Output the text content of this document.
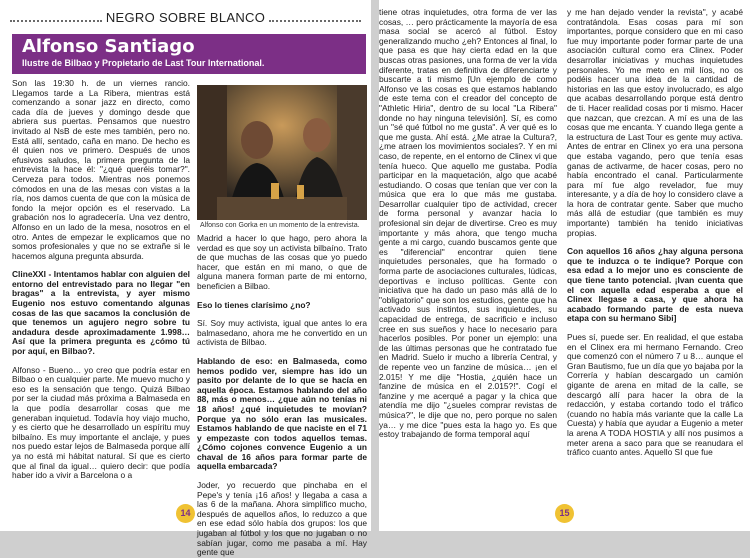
NEGRO SOBRE BLANCO
Alfonso Santiago
Ilustre de Bilbao y Propietario de Last Tour International.

Son las 19:30 h. de un viernes rancio. Llegamos tarde a La Ribera, mientras está comenzando a sonar jazz en directo, como cada día de jueves y domingo desde que abriera sus puertas. Pensamos que nuestro invitado al NsB de este mes también, pero no. Está allí, sentado, caña en mano. De hecho es él quien nos ve primero. Después de unos efusivos saludos, la primera pregunta de la entrevista la hace él: "¿qué queréis tomar?". Cerveza para todos. Mientras nos ponemos cómodos en una de las mesas con vistas a la ría, nos damos cuenta de que con la música de fondo la mejor opción es el reservado. La grabación nos lo agradecería. Una vez dentro, Alfonso en un lado de la mesa, nosotros en el otro. Antes de empezar le explicamos que no somos profesionales y que no se extrañe si le hacemos alguna pregunta absurda.

ClineXXI - Intentamos hablar con alguien del entorno del entrevistado para no llegar "en bragas" a la entrevista, y ayer mismo Eugenio nos estuvo comentando algunas cosas de las que sacamos la conclusión de que tenemos un agujero negro sobre tu andadura desde aproximadamente 1.998… Así que la primera pregunta es ¿cómo tú por aquí, en Bilbao?.

Alfonso - Bueno… yo creo que podría estar en Bilbao o en cualquier parte. Me muevo mucho y eso es la sensación que tengo. Quizá Bilbao por ser la ciudad más próxima a Balmaseda en la que podía desarrollar cosas que me generaban inquietud. Todavía hoy viajo mucho, y es cierto que he desarrollado un espíritu muy bilbaíno. Es muy importante el anclaje, y pues nos puedo estar lejos de Balmaseda porque allí ya no está mi hábitat natural. Sí que es cierto que al final da igual… quiero decir: que podía haber ido a vivir a Barcelona o a

Alfonso con Gorka en un momento de la entrevista.

Madrid a hacer lo que hago, pero ahora la verdad es que soy un activista bilbaíno. Trato de que muchas de las cosas que yo puedo hacer, que están en mi mano, o que de alguna manera forman parte de mi entorno, beneficien a Bilbao.

Eso lo tienes clarísimo ¿no?

Sí. Soy muy activista, igual que antes lo era balmasedano, ahora me he convertido en un activista de Bilbao.

Hablando de eso: en Balmaseda, como hemos podido ver, siempre has ido un pasito por delante de lo que se hacía en aquella época. Estamos hablando del año 88, más o menos… ¿que aún no tenías ni 18 años! ¿qué inquietudes te movían? Porque ya no sólo eran las musicales. Estamos hablando de que naciste en el 71 y empezaste con todos aquellos temas. ¿Cómo cojones convence Eugenio a un chaval de 16 años para formar parte de aquella embarcada?

Joder, yo recuerdo que pinchaba en el Pepe's y tenía ¡16 años! y llegaba a casa a las 6 de la mañana. Ahora simplifico mucho, después de aquellos años, lo reduzco a que en ese edad sólo había dos grupos: los que jugaban al fútbol y los que no jugaban o no sabían jugar, como me pasaba a mí. Hay gente que

14

tiene otras inquietudes, otra forma de ver las cosas, … pero prácticamente la mayoría de esa masa social se acercó al fútbol. Estoy generalizando mucho ¿eh? Entonces al final, lo que pasa es que hay cierta edad en la que buscas otras pasiones, una forma de ver la vida diferente, tratas en definitiva de diferenciarte y buscarte a ti mismo [Un ejemplo de como Alfonso ve las cosas es que estamos hablando de este tema con el creador del concepto de "Athletic Hiria", dentro de su local "La Ribera" donde no hay ninguna televisión]. Sí, es como un "sé qué fútbol no me gusta". A ver qué es lo que me gusta. Ahí está. ¿Me atrae la Cultura?, ¿me atraen los movimientos sociales?. Y en mi caso, de repente, en el entorno de Clinex vi que tenía hueco. Que aquello me gustaba. Podía participar en la maquetación, algo que acabé estudiando. O cosas que tenían que ver con la música que era lo que más me gustaba. Desarrollar cualquier tipo de actividad, crecer de forma personal y avanzar hacia lo profesional sin dejar de divertirse. Creo es muy importante y más ahora, que tengo mucha gente a mi cargo, cuando buscamos gente que es "diferencial" encontrar quien tiene inquietudes personales, que ha formado o forma parte de asociaciones culturales, lúdicas, deportivas e incluso políticas. Gente con iniciativa que ha dado un paso más allá de lo "obligatorio" que son los estudios, gente que ha activado sus instintos, sus inquietudes, su capacidad de entrega, de sacrificio e incluso cree en sus sueños y hace lo necesario para hacerlos posibles. Por poner un ejemplo: una de las últimas personas que he contratado fue en Madrid. Suelo ir mucho a librería Central, y de repente veo un fanzine de música… ¡en el 2.015! Y me dije "Hostia, ¿quién hace un fanzine de música en el 2.015?!". Cogí el fanzine y me acerqué a pagar y la chica que atendía me dijo "¿sueles comprar revistas de música?", le dije que no, pero porque no salen ya… y me dice "pues esta la hago yo. Es que estoy trabajando de forma temporal aquí

y me han dejado vender la revista", y acabé contratándola. Esas cosas para mí son importantes, porque considero que en mi caso fue muy importante poder formar parte de una asociación cultural como era Clinex. Poder desarrollar iniciativas y muchas inquietudes personales. Yo me meto en mil líos, no os podéis hacer una idea de la cantidad de historias en las que estoy involucrado, es algo que acabas desarrollando porque está dentro de ti. Hacer realidad cosas por ti mismo. Hacer que nazcan, que crezcan. A mí es una de las cosas que me encanta. Y cuando llega gente a la estructura de Last Tour es gente muy activa. Antes de entrar en Clinex yo era una persona que estaba vagando, pero que tenía esas ganas de activarme, de hacer cosas, pero no había encontrado el canal. Particularmente para mí fue algo revelador, fue muy interesante, y a día de hoy lo considero clave a la hora de contratar gente. Saber que mucho más allá de estudiar (que también es muy importante) también ha tenido iniciativas propias.

Con aquellos 16 años ¿hay alguna persona que te induzca o te indique? Porque con esa edad a lo mejor uno es consciente de que tiene tanto potencial. ¡Ivan cuenta que el con aquella edad esperaba a que el Clinex llegase a casa, y que ahora ha acabado formando parte de esta nueva etapa con su hermano Sibi]

Pues sí, puede ser. En realidad, el que estaba en el Clinex era mi hermano Fernando. Creo que comenzó con el número 7 u 8… aunque el Gran Bautismo, fue un día que yo bajaba por la Correría y habían descargado un camión gigante de arena en mitad de la calle, se descargó allí para hacer la obra de la redacción, y estaba cortando todo el tráfico (cuando no había más variante que la calle La Cuesta) y había que ayudar a Eugenio a meter la arena A TODA HOSTIA y allí nos pusimos a meter arena a saco para que se reanudara el tráfico cuanto antes. Aquello SI que fue

15
